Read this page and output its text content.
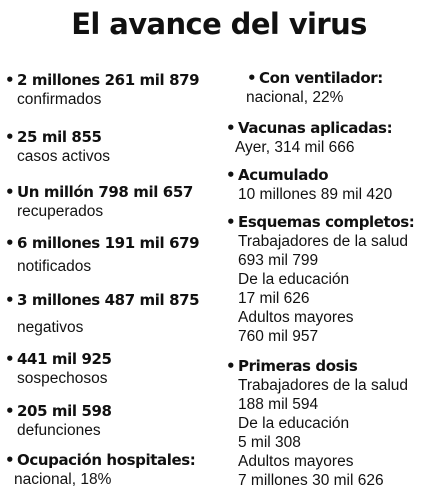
El avance del virus
• 2 millones 261 mil 879
confirmados
• 25 mil 855
casos activos
• Un millón 798 mil 657
recuperados
• 6 millones 191 mil 679
notificados
• 3 millones 487 mil 875
negativos
• 441 mil 925
sospechosos
• 205 mil 598
defunciones
• Ocupación hospitales:
nacional, 18%
• Con ventilador:
nacional, 22%
• Vacunas aplicadas:
Ayer, 314 mil 666
• Acumulado
10 millones 89 mil 420
• Esquemas completos:
Trabajadores de la salud
693 mil 799
De la educación
17 mil 626
Adultos mayores
760 mil 957
• Primeras dosis
Trabajadores de la salud
188 mil 594
De la educación
5 mil 308
Adultos mayores
7 millones 30 mil 626
